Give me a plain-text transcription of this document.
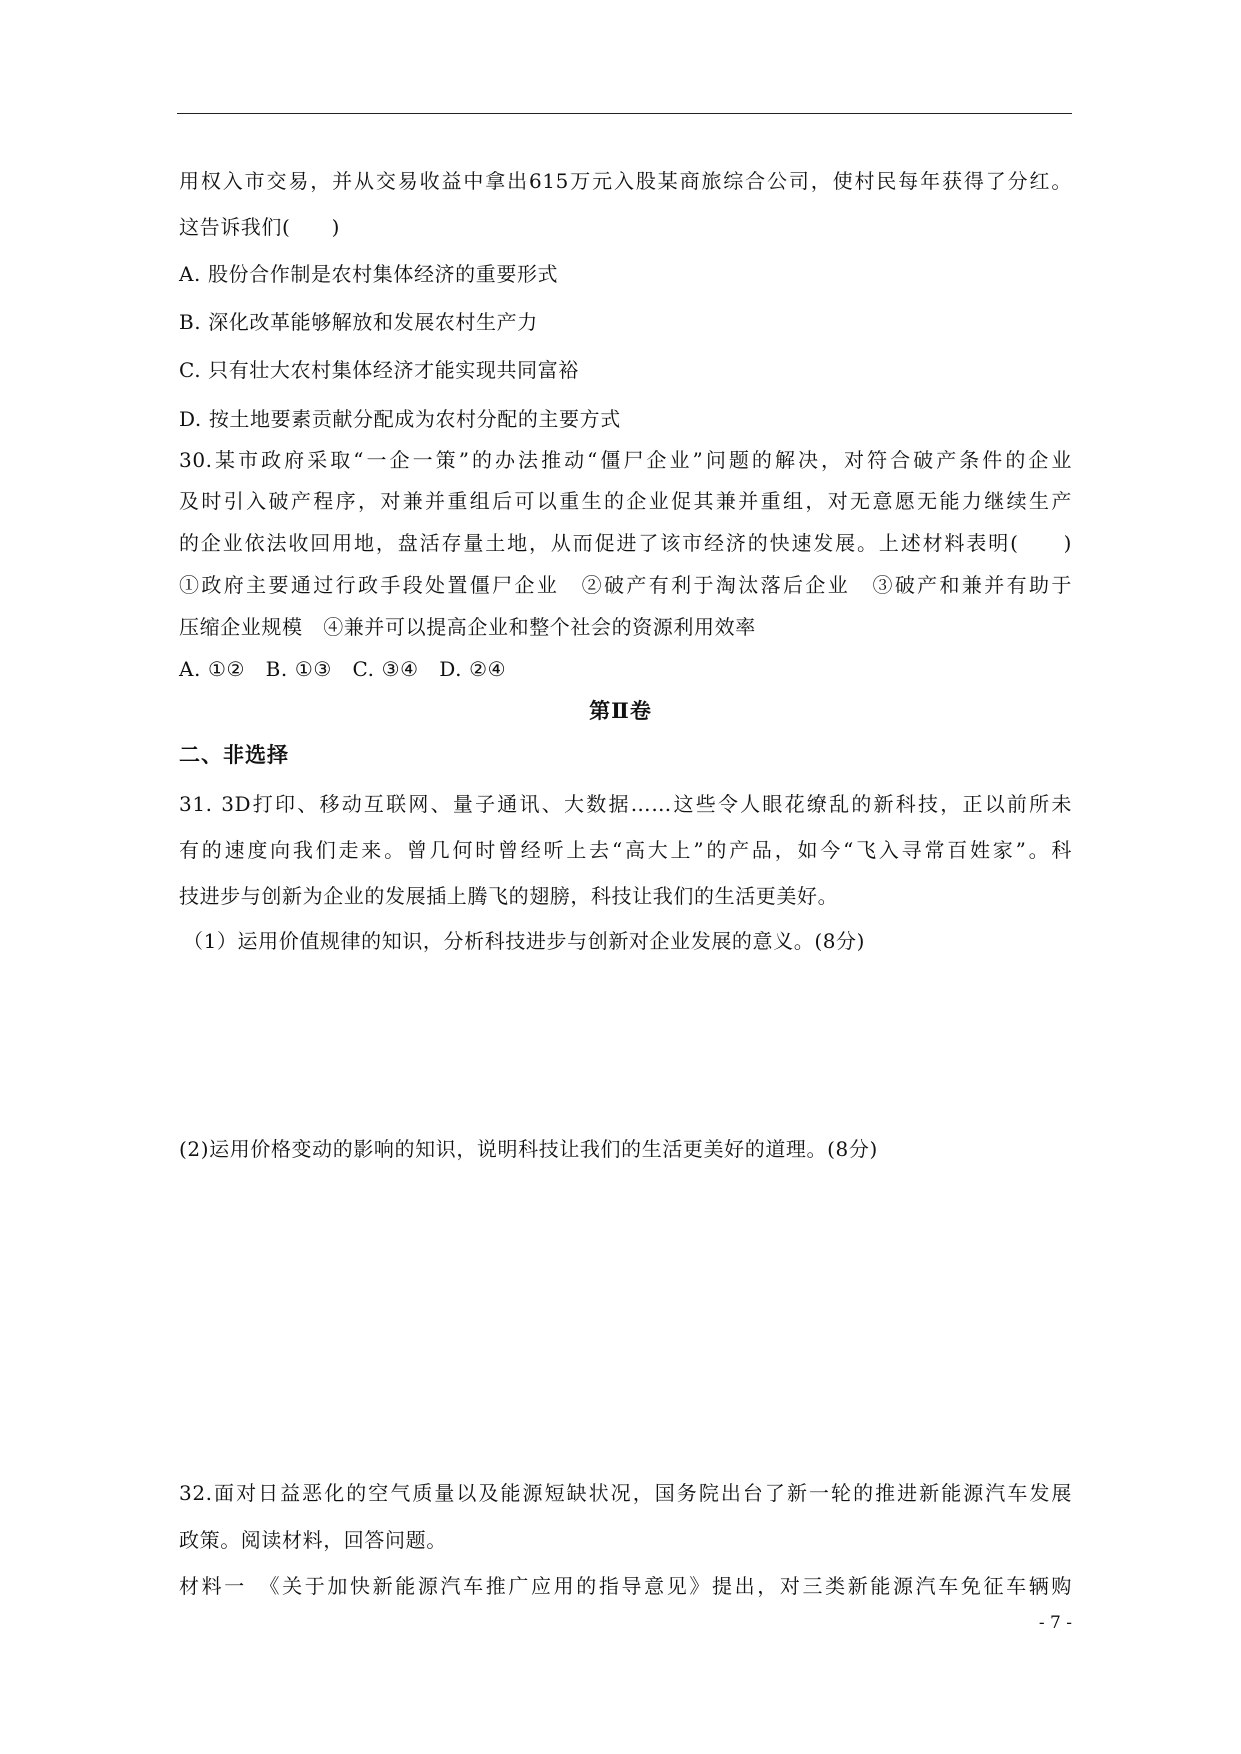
用权入市交易，并从交易收益中拿出615万元入股某商旅综合公司，使村民每年获得了分红。
这告诉我们(　　)
A. 股份合作制是农村集体经济的重要形式
B. 深化改革能够解放和发展农村生产力
C. 只有壮大农村集体经济才能实现共同富裕
D. 按土地要素贡献分配成为农村分配的主要方式
30.某市政府采取“一企一策”的办法推动“僵尸企业”问题的解决，对符合破产条件的企业
及时引入破产程序，对兼并重组后可以重生的企业促其兼并重组，对无意愿无能力继续生产
的企业依法收回用地，盘活存量土地，从而促进了该市经济的快速发展。上述材料表明(　　)
①政府主要通过行政手段处置僵尸企业　②破产有利于淘汰落后企业　③破产和兼并有助于
压缩企业规模　④兼并可以提高企业和整个社会的资源利用效率
A. ①②　B. ①③　C. ③④　D. ②④
第Ⅱ卷
二、非选择
31. 3D打印、移动互联网、量子通讯、大数据……这些令人眼花缭乱的新科技，正以前所未
有的速度向我们走来。曾几何时曾经听上去“高大上”的产品，如今“飞入寻常百姓家”。科
技进步与创新为企业的发展插上腾飞的翅膀，科技让我们的生活更美好。
（1）运用价值规律的知识，分析科技进步与创新对企业发展的意义。(8分)
(2)运用价格变动的影响的知识，说明科技让我们的生活更美好的道理。(8分)
32.面对日益恶化的空气质量以及能源短缺状况，国务院出台了新一轮的推进新能源汽车发展
政策。阅读材料，回答问题。
材料一　《关于加快新能源汽车推广应用的指导意见》提出，对三类新能源汽车免征车辆购
- 7 -
